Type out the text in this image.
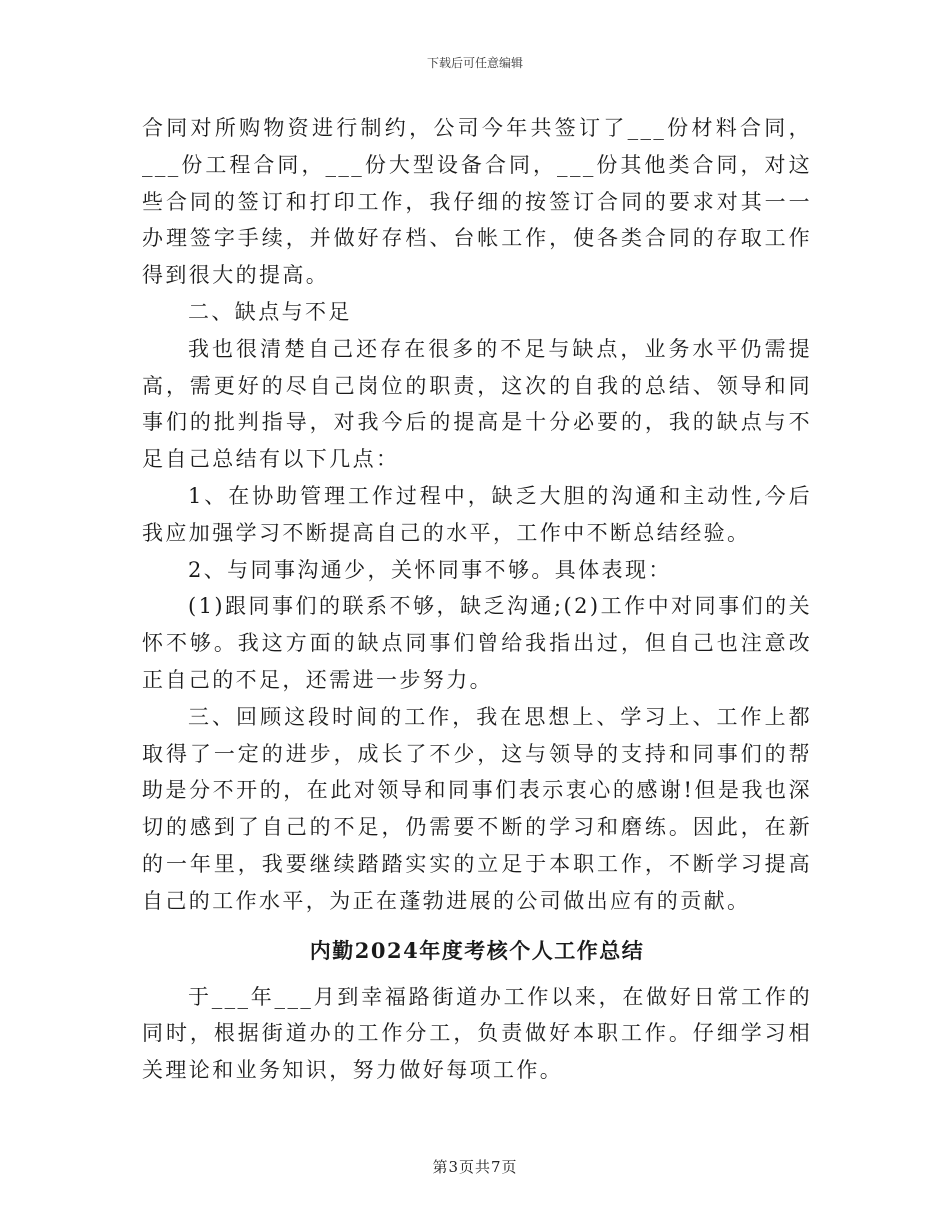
下载后可任意编辑

合同对所购物资进行制约，公司今年共签订了___份材料合同，___份工程合同，___份大型设备合同，___份其他类合同，对这些合同的签订和打印工作，我仔细的按签订合同的要求对其一一办理签字手续，并做好存档、台帐工作，使各类合同的存取工作得到很大的提高。

二、缺点与不足

我也很清楚自己还存在很多的不足与缺点，业务水平仍需提高，需更好的尽自己岗位的职责，这次的自我的总结、领导和同事们的批判指导，对我今后的提高是十分必要的，我的缺点与不足自己总结有以下几点：

1、在协助管理工作过程中，缺乏大胆的沟通和主动性,今后我应加强学习不断提高自己的水平，工作中不断总结经验。

2、与同事沟通少，关怀同事不够。具体表现：

(1)跟同事们的联系不够，缺乏沟通;(2)工作中对同事们的关怀不够。我这方面的缺点同事们曾给我指出过，但自己也注意改正自己的不足，还需进一步努力。

三、回顾这段时间的工作，我在思想上、学习上、工作上都取得了一定的进步，成长了不少，这与领导的支持和同事们的帮助是分不开的，在此对领导和同事们表示衷心的感谢!但是我也深切的感到了自己的不足，仍需要不断的学习和磨练。因此，在新的一年里，我要继续踏踏实实的立足于本职工作，不断学习提高自己的工作水平，为正在蓬勃进展的公司做出应有的贡献。

内勤2024年度考核个人工作总结

于___年___月到幸福路街道办工作以来，在做好日常工作的同时，根据街道办的工作分工，负责做好本职工作。仔细学习相关理论和业务知识，努力做好每项工作。

第3页共7页
